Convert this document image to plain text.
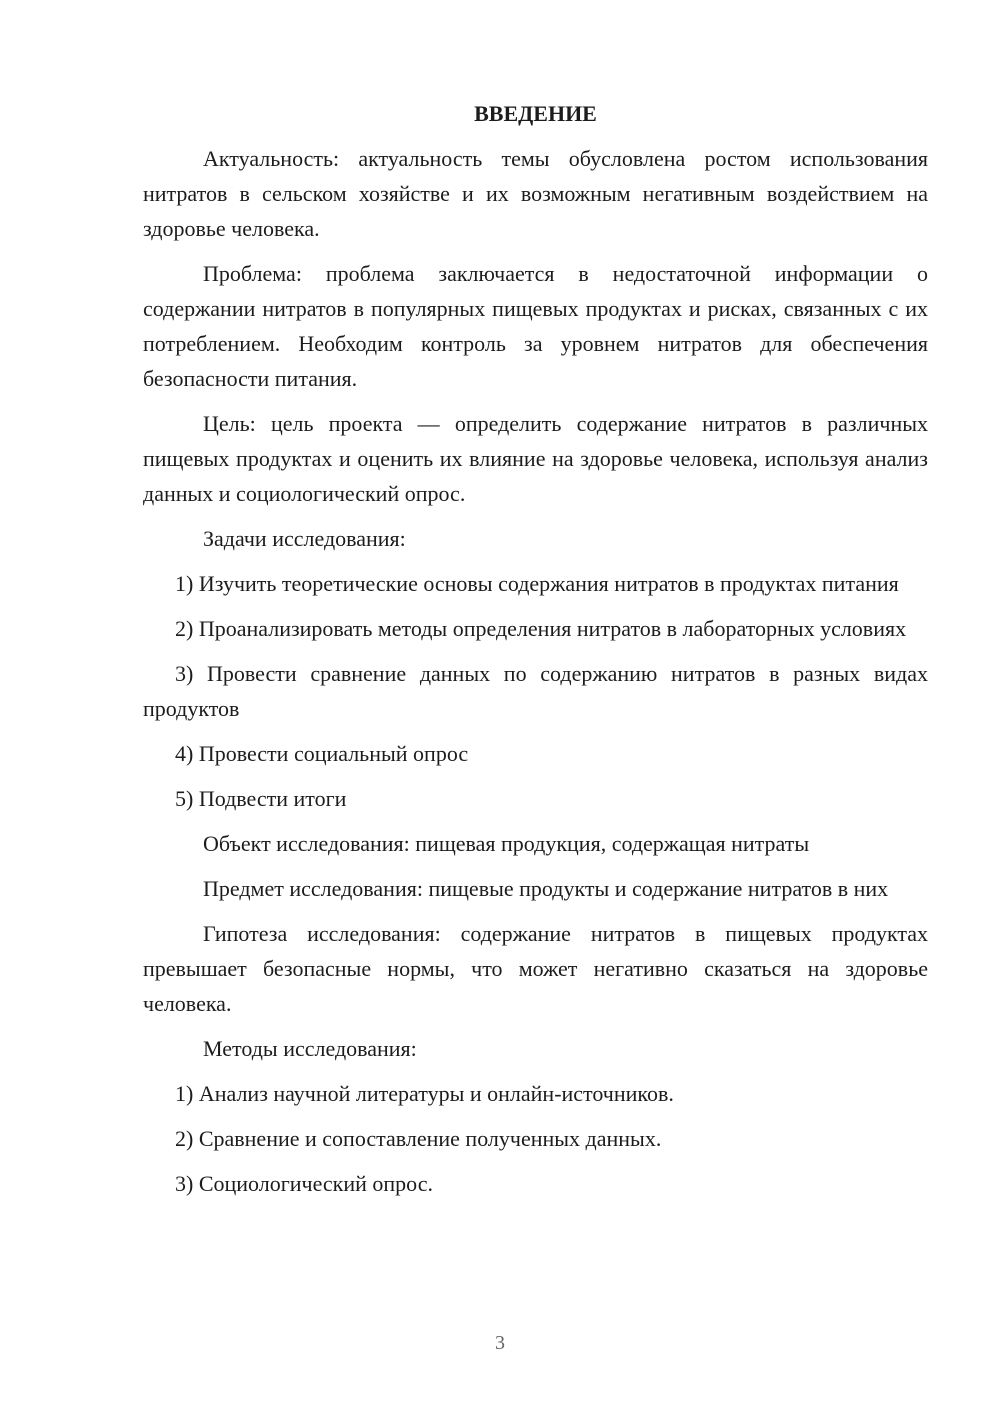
ВВЕДЕНИЕ

Актуальность: актуальность темы обусловлена ростом использования нитратов в сельском хозяйстве и их возможным негативным воздействием на здоровье человека.

Проблема: проблема заключается в недостаточной информации о содержании нитратов в популярных пищевых продуктах и рисках, связанных с их потреблением. Необходим контроль за уровнем нитратов для обеспечения безопасности питания.

Цель: цель проекта — определить содержание нитратов в различных пищевых продуктах и оценить их влияние на здоровье человека, используя анализ данных и социологический опрос.

Задачи исследования:

1) Изучить теоретические основы содержания нитратов в продуктах питания

2) Проанализировать методы определения нитратов в лабораторных условиях

3) Провести сравнение данных по содержанию нитратов в разных видах продуктов

4) Провести социальный опрос

5) Подвести итоги

Объект исследования: пищевая продукция, содержащая нитраты

Предмет исследования: пищевые продукты и содержание нитратов в них

Гипотеза исследования: содержание нитратов в пищевых продуктах превышает безопасные нормы, что может негативно сказаться на здоровье человека.

Методы исследования:

1) Анализ научной литературы и онлайн-источников.

2) Сравнение и сопоставление полученных данных.

3) Социологический опрос.

3
